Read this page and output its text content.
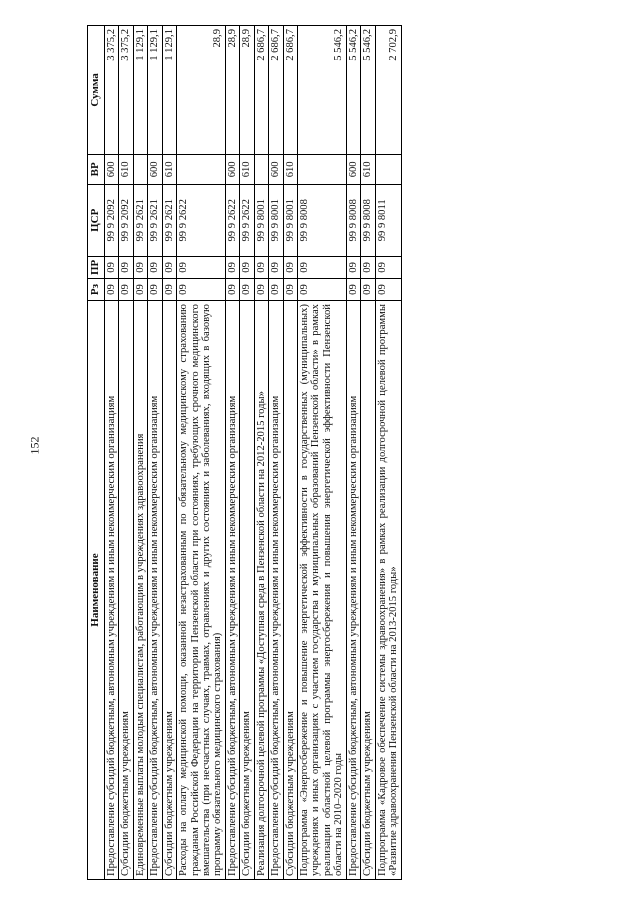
152
Наименование	Рз	ПР	ЦСР	ВР	Сумма
Предоставление субсидий бюджетным, автономным учреждениям и иным некоммерческим организациям	09	09	99 9 2092	600	3 375,2
Субсидии бюджетным учреждениям	09	09	99 9 2092	610	3 375,2
Единовременные выплаты молодым специалистам, работающим в учреждениях здравоохранения	09	09	99 9 2621		1 129,1
Предоставление субсидий бюджетным, автономным учреждениям и иным некоммерческим организациям	09	09	99 9 2621	600	1 129,1
Субсидии бюджетным учреждениям	09	09	99 9 2621	610	1 129,1
Расходы на оплату медицинской помощи, оказанной незастрахованным по обязательному медицинскому страхованию гражданам Российской Федерации на территории Пензенской области при состояниях, требующих срочного медицинского вмешательства (при несчастных случаях, травмах, отравлениях и других состояниях и заболеваниях, входящих в базовую программу обязательного медицинского страхования)	09	09	99 9 2622		28,9
Предоставление субсидий бюджетным, автономным учреждениям и иным некоммерческим организациям	09	09	99 9 2622	600	28,9
Субсидии бюджетным учреждениям	09	09	99 9 2622	610	28,9
Реализация долгосрочной целевой программы «Доступная среда в Пензенской области на 2012-2015 годы»	09	09	99 9 8001		2 686,7
Предоставление субсидий бюджетным, автономным учреждениям и иным некоммерческим организациям	09	09	99 9 8001	600	2 686,7
Субсидии бюджетным учреждениям	09	09	99 9 8001	610	2 686,7
Подпрограмма «Энергосбережение и повышение энергетической эффективности в государственных (муниципальных) учреждениях и иных организациях с участием государства и муниципальных образований Пензенской области» в рамках реализации областной целевой программы энергосбережения и повышения энергетической эффективности Пензенской области на 2010–2020 годы	09	09	99 9 8008		5 546,2
Предоставление субсидий бюджетным, автономным учреждениям и иным некоммерческим организациям	09	09	99 9 8008	600	5 546,2
Субсидии бюджетным учреждениям	09	09	99 9 8008	610	5 546,2
Подпрограмма «Кадровое обеспечение системы здравоохранения» в рамках реализации долгосрочной целевой программы «Развитие здравоохранения Пензенской области на 2013-2015 годы»	09	09	99 9 8011		2 702,9
